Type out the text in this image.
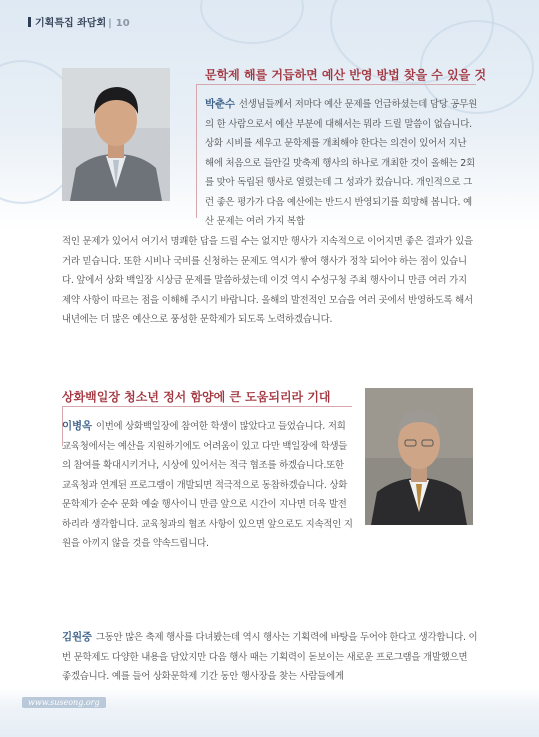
기획특집 좌담회 | 10
문학제 해를 거듭하면 예산 반영 방법 찾을 수 있을 것
박춘수 선생님들께서 저마다 예산 문제를 언급하셨는데 담당 공무원의 한 사람으로서 예산 부분에 대해서는 뭐라 드릴 말씀이 없습니다. 상화 시비를 세우고 문학제를 개최해야 한다는 의견이 있어서 지난 해에 처음으로 들안길 맛축제 행사의 하나로 개최한 것이 올해는 2회를 맞아 독립된 행사로 열렸는데 그 성과가 컸습니다. 개인적으로 그런 좋은 평가가 다음 예산에는 반드시 반영되기를 희망해 봅니다. 예산 문제는 여러 가지 복합
적인 문제가 있어서 여기서 명쾌한 답을 드릴 수는 없지만 행사가 지속적으로 이어지면 좋은 결과가 있을 거라 믿습니다. 또한 시비나 국비를 신청하는 문제도 역시가 쌓여 행사가 정착 되어야 하는 점이 있습니다. 앞에서 상화 백일장 시상금 문제를 말씀하셨는데 이것 역시 수성구청 주최 행사이니 만큼 여러 가지 제약 사항이 따르는 점을 이해해 주시기 바랍니다. 올해의 발전적인 모습을 여러 곳에서 반영하도록 해서 내년에는 더 많은 예산으로 풍성한 문학제가 되도록 노력하겠습니다.
상화백일장 청소년 정서 함양에 큰 도움되리라 기대
이병옥 이번에 상화백일장에 참여한 학생이 많았다고 들었습니다. 저희 교육청에서는 예산을 지원하기에도 어려움이 있고 다만 백일장에 학생들의 참여를 확대시키거나, 시상에 있어서는 적극 협조를 하겠습니다.또한 교육청과 연계된 프로그램이 개발되면 적극적으로 동참하겠습니다. 상화문학제가 순수 문화 예술 행사이니 만큼 앞으로 시간이 지나면 더욱 발전하리라 생각합니다. 교육청과의 협조 사항이 있으면 앞으로도 지속적인 지원을 아끼지 않을 것을 약속드립니다.
김원중 그동안 많은 축제 행사를 다녀봤는데 역시 행사는 기획력에 바탕을 두어야 한다고 생각합니다. 이번 문학제도 다양한 내용을 담았지만 다음 행사 때는 기획력이 돋보이는 새로운 프로그램을 개발했으면 좋겠습니다. 예를 들어 상화문학제 기간 동안 행사장을 찾는 사람들에게
www.suseong.org
